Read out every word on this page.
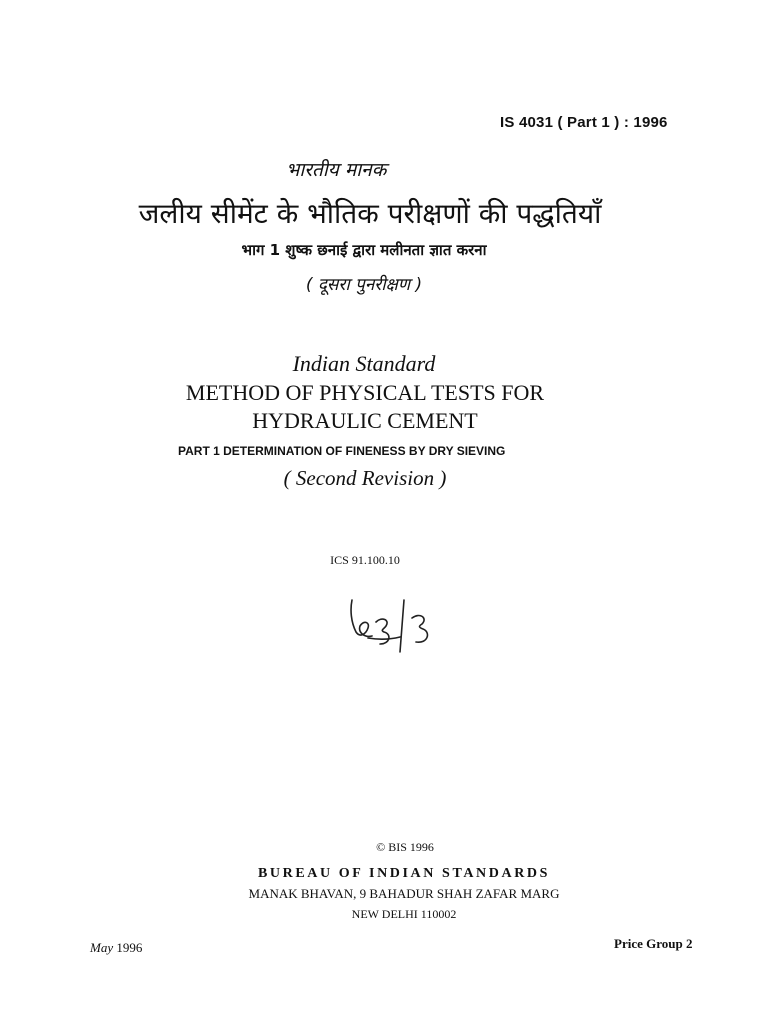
IS 4031 ( Part 1 ) : 1996
भारतीय मानक
जलीय सीमेंट के भौतिक परीक्षणों की पद्धतियाँ
भाग 1 शुष्क छनाई द्वारा मलीनता ज्ञात करना
( दूसरा पुनरीक्षण )
Indian Standard
METHOD OF PHYSICAL TESTS FOR
HYDRAULIC CEMENT
PART 1 DETERMINATION OF FINENESS BY DRY SIEVING
( Second Revision )
ICS 91.100.10
© BIS 1996
BUREAU OF INDIAN STANDARDS
MANAK BHAVAN, 9 BAHADUR SHAH ZAFAR MARG
NEW DELHI 110002
May 1996	Price Group 2
